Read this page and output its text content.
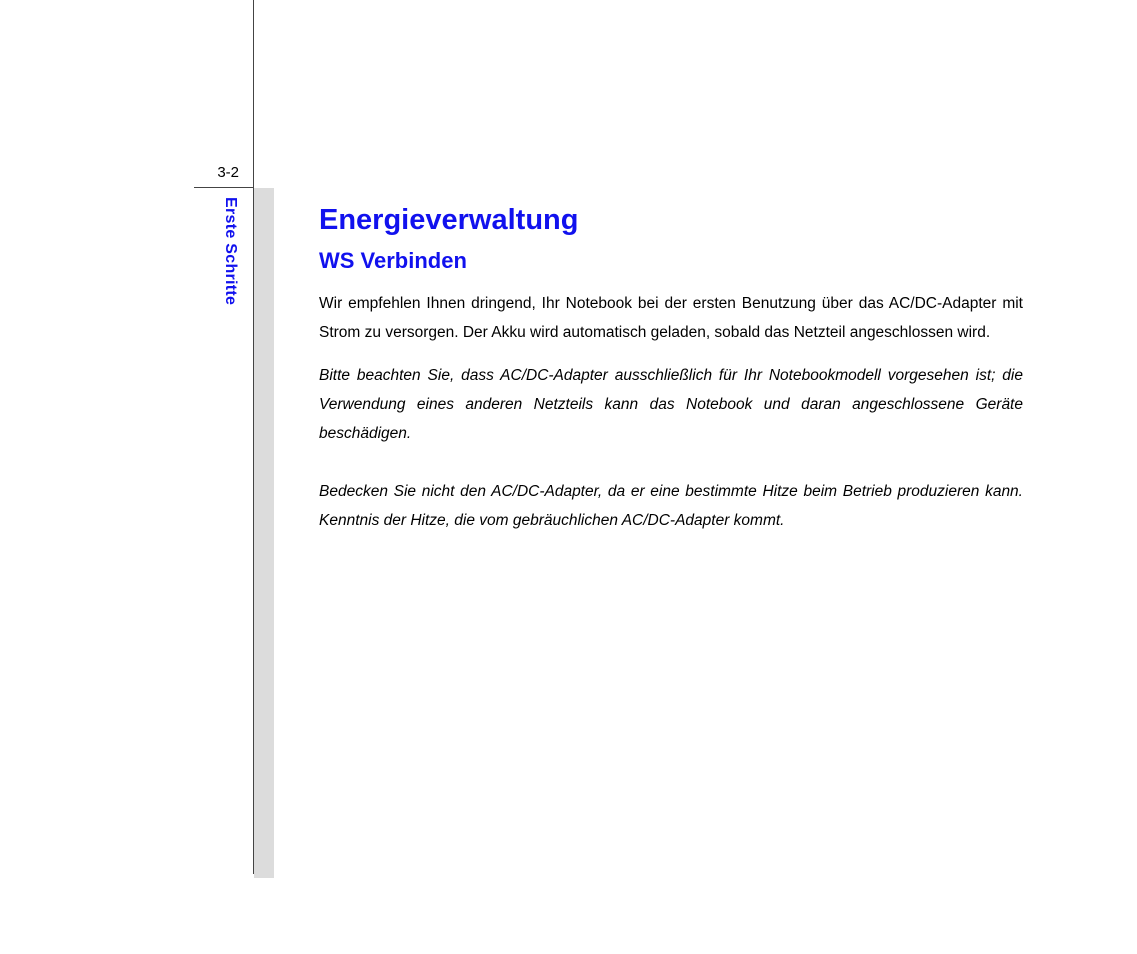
3-2
Erste Schritte	Energieverwaltung
WS Verbinden

Wir empfehlen Ihnen dringend, Ihr Notebook bei der ersten Benutzung über das AC/DC-Adapter mit Strom zu versorgen. Der Akku wird automatisch geladen, sobald das Netzteil angeschlossen wird.

Bitte beachten Sie, dass AC/DC-Adapter ausschließlich für Ihr Notebookmodell vorgesehen ist; die Verwendung eines anderen Netzteils kann das Notebook und daran angeschlossene Geräte beschädigen.

Bedecken Sie nicht den AC/DC-Adapter, da er eine bestimmte Hitze beim Betrieb produzieren kann. Kenntnis der Hitze, die vom gebräuchlichen AC/DC-Adapter kommt.
